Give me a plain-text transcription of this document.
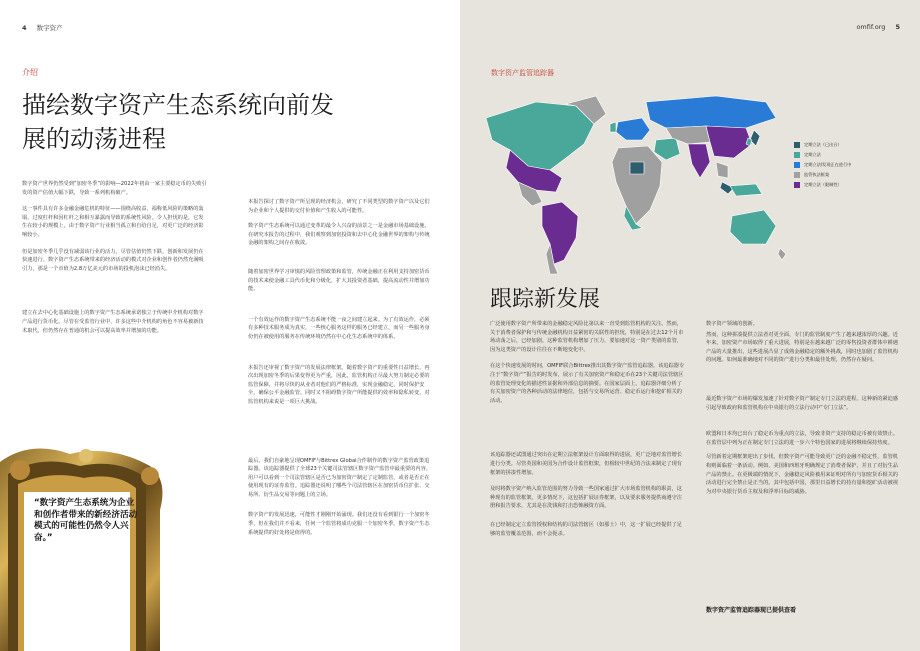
4 数字资产
介绍
描绘数字资产生态系统向前发
展的动荡进程

数字资产世界仍然受到“加密冬季”的影响—2022年初由一家主要稳定币的失败引发的资产估值大幅下跌，导致一系列机构破产。

这一事件具有许多金融金融危机的特征——围绕高收益、福称低风险的策略的轰塌，过度杠杆和因杠杆之和相互暴露而导致的系统性风险。令人担忧的是，它发生在较小的规模上，由于数字资产行业相当孤立和自给自足，对更广泛的经济影响较小。

但是加密冬季几乎没有减弱该行业的活力，尽管估值仍然下跌，创新和发展仍在快速进行。数字资产生态系统带来的经济活动的模式对企业和创作者仍然充满吸引力，那是一个市值为2.8万亿美元的市场的投机泡沫已经消失。

建立在去中心化基础设施上的数字资产生态系统承诺独立于传统中介机构对数字产品进行货币化。尽管在受监管行业中，许多这些中介机构的角色不容易被新技术取代，但仍然存在普通的机会可以提高效率并增加的功能。

本报告探讨了数字资产所呈现的经济机会，研究了不同类型的数字资产以及它们为企业和个人提供的交付价值和产生收入的可能性。

数字资产生态系统可以通过变革的最令人兴奋的前景之一是金融市场基础设施，在研究本报告的过程中，我们观察到加密投资和去中心化金融世界的架构与传统金融的架构之间存在收敛。

随着加密世界学习审慎的风险管理政策和监管，传统金融正在利用支持加密货币的技术来使金融工具代币化和分级化，扩大其投资者基础，提高流动性并增加功能。

一个有效运作的数字资产生态系统不能一夜之间建立起来。为了有效运作，必须有多种技术服务成为真实，一些核心服务这样的服务已经建立，而另一些服务身份仍在被使用的服务在传统环境仍然在中心化生态系统中的体系。

本报告还审视了数字资产的发展法律框架。随着数字资产的重要性日益增长，再次出现加密冬季的后果变得更为严重，因此，监管机构正尽最大努力制定必要的监管保障，并将尽快的从业者对他们的严格标准，实现金融稳定，同时保护安全，确保公平金融监管。同时又不阻碍数字资产所能提供的效率和隐私转变，对监管机构来说是一项巨大挑战。

最后，我们自豪地呈现OMFIF与Bittrex Global合作制作的数字资产监管政策追踪器。该追踪器提供了全球23个关键司法管辖区数字资产监管中最重要的内容。用户可以看到一个司法管辖区是否已为加密资产制定了定制监管，或者是否正在使用现有的证券监管。追踪器还说明了哪些个司法管辖区在加密货币位扩张、交易所、衍生品交易等问题上的立场。

数字资产的发展迅速，可能性才刚刚开始涌现。我们还没有看到银行一个加密冬季，但在我们并不看来，任何一个监管将成功克服一个加密冬季。数字资产生态系统提供的好处将是值得的。

“数字资产生态系统为企业和创作者带来的新经济活动模式的可能性仍然令人兴奋。”
omfif.org 5
数字资产监管追踪器
定期立法（已出台）
定期立法
定期立法/发现正在进行中
监管执法框架
定期立法（限制性）
跟踪新发展

广泛使用数字资产所带来的金融稳定风险比第以来一直受到监管机构的关注。然而，关于消费者保护和与传统金融机构日益紧密的关联性的担忧，特别是在过去12个月市场动荡之后，已经加剧。这种监管机构增加了压力，要加速对这一资产类别的监管，因为这类资产的设计往往在不断地变化中。

在这个快速发展的时间，OMFIF联合Bittrex推出其数字资产监管追踪器。该追踪器专注于“数字资产”报告的时发布，展示了有关加密资产和稳定币在23个关键司法管辖区的监管处理变化的描述性证据和外部信息的摘要。在国家层面上，追踪器详细分析了有关加密资产的各种活动的法律地位，包括与交易所运营、稳定币运行和挖矿相关的活动。

该追踪器还试图通过突出在定期立法框架设计方面取得的进展，更广泛地对监管增长进行分类。尽管英国和美国为合作设计监管框架，但相较中世纪的合法来制定了现有框架的拼凑性增加。

及时将数字资产纳入监管范围的努力导致一些国家通过扩大市场监管机构的职责，这种现有的监管框架。更多情况下，这包括扩展证券框架，以及要求服务提供商遵守注册和报告要求，尤其是在洗钱和打击恐怖融资方面。

在已经制定定立监管授权和结构的司法管辖区（如那士）中，这一扩展已经提供了足够的监管覆盖范围，而不会扼杀。

数字资产领域的创新。

然而，这种拼凑提供立法者对更全面、专门的监管制度产生了越来越浓厚的兴趣。近年来，加密资产市场取得了重大进展，特别是在越来越广泛的零售投资者群体中耕遇产品的大量推出，这些进展凸显了成熟金融稳定的额外挑战，同时也加剧了监管机构的问题。如何最准确地对不同的资产进行分类和最佳处理，仍然存在疑问。

最近数字资产市场的爆发加速了针对数字资产制定专门立法的进程。这种新的紧迫感引起导致政府和监管机构在中央银行的立法行动中“专门立法”。

欧盟和日本均已出台了稳定币为重点的立法，导致非资产支持的稳定币被有效禁止。在监管层中列为正在制定专门立法的进一步六个特色国家的进展将继续保持热度。

尽管新着定期框架迎出了步伐，但数字资产可能导致更广泛的金融不稳定性，监管机构则面临着一条活动。例如，美国和西班牙明确规定了消费者保护，并且了对衍生品产品的禁止。在更极端的情况下，金融稳定风险被用来证明对所有与加密货币相关的活动进行完全禁止是正当的。其中包括中国，那里日益增长的持有量和挖矿活动被视为对中央银行货币主权及和浮率目标的威胁。

数字资产监管追踪器现已提供查看
